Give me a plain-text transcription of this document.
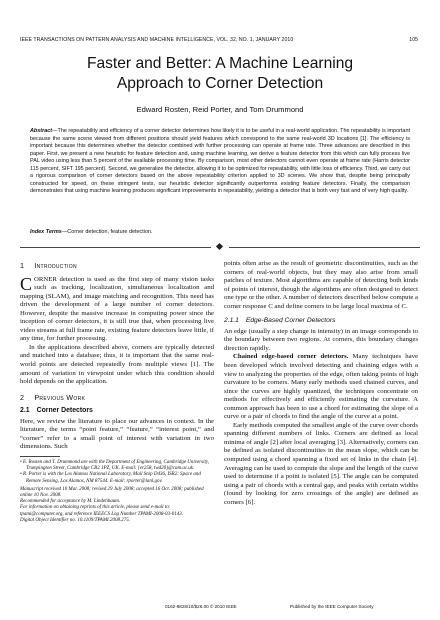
IEEE TRANSACTIONS ON PATTERN ANALYSIS AND MACHINE INTELLIGENCE, VOL. 32, NO. 1, JANUARY 2010	105
Faster and Better: A Machine Learning
Approach to Corner Detection
Edward Rosten, Reid Porter, and Tom Drummond
Abstract—The repeatability and efficiency of a corner detector determines how likely it is to be useful in a real-world application. The repeatability is important because the same scene viewed from different positions should yield features which correspond to the same real-world 3D locations [1]. The efficiency is important because this determines whether the detector combined with further processing can operate at frame rate. Three advances are described in this paper. First, we present a new heuristic for feature detection and, using machine learning, we derive a feature detector from this which can fully process live PAL video using less than 5 percent of the available processing time. By comparison, most other detectors cannot even operate at frame rate (Harris detector 115 percent, SIFT 195 percent). Second, we generalize the detector, allowing it to be optimized for repeatability, with little loss of efficiency. Third, we carry out a rigorous comparison of corner detectors based on the above repeatability criterion applied to 3D scenes. We show that, despite being principally constructed for speed, on these stringent tests, our heuristic detector significantly outperforms existing feature detectors. Finally, the comparison demonstrates that using machine learning produces significant improvements in repeatability, yielding a detector that is both very fast and of very high quality.
Index Terms—Corner detection, feature detection.
1 Introduction

CORNER detection is used as the first step of many vision tasks such as tracking, localization, simultaneous localization and mapping (SLAM), and image matching and recognition. This need has driven the development of a large number of corner detectors. However, despite the massive increase in computing power since the inception of corner detectors, it is still true that, when processing live video streams at full frame rate, existing feature detectors leave little, if any time, for further processing.

In the applications described above, corners are typically detected and matched into a database; thus, it is important that the same real-world points are detected repeatedly from multiple views [1]. The amount of variation in viewpoint under which this condition should hold depends on the application.

2 Previous Work
2.1 Corner Detectors

Here, we review the literature to place our advances in context. In the literature, the terms “point feature,” “feature,” “interest point,” and “corner” refer to a small point of interest with variation in two dimensions. Such

• E. Rosten and T. Drummond are with the Department of Engineering, Cambridge University, Trumpington Street, Cambridge CB2 1PZ, UK. E-mail: {er258, twd20}@cam.ac.uk.
• R. Porter is with the Los Alamos National Laboratory, Mail Stop D436, ISR2: Space and Remote Sensing, Los Alamos, NM 87544. E-mail: rporter@lanl.gov.
Manuscript received 10 Mar. 2008; revised 29 July 2008; accepted 16 Oct. 2008; published online 10 Nov. 2008.
Recommended for acceptance by M. Lindenbaum.
For information on obtaining reprints of this article, please send e-mail to: tpami@computer.org, and reference IEEECS Log Number TPAMI-2008-03-0143.
Digital Object Identifier no. 10.1109/TPAMI.2008.275.

points often arise as the result of geometric discontinuities, such as the corners of real-world objects, but they may also arise from small patches of texture. Most algorithms are capable of detecting both kinds of points of interest, though the algorithms are often designed to detect one type or the other. A number of detectors described below compute a corner response C and define corners to be large local maxima of C.

2.1.1 Edge-Based Corner Detectors

An edge (usually a step change in intensity) in an image corresponds to the boundary between two regions. At corners, this boundary changes direction rapidly.

Chained edge-based corner detectors. Many techniques have been developed which involved detecting and chaining edges with a view to analyzing the properties of the edge, often taking points of high curvature to be corners. Many early methods used chained curves, and since the curves are highly quantized, the techniques concentrate on methods for effectively and efficiently estimating the curvature. A common approach has been to use a chord for estimating the slope of a curve or a pair of chords to find the angle of the curve at a point.

Early methods computed the smallest angle of the curve over chords spanning different numbers of links. Corners are defined as local minima of angle [2] after local averaging [3]. Alternatively, corners can be defined as isolated discontinuities in the mean slope, which can be computed using a chord spanning a fixed set of links in the chain [4]. Averaging can be used to compute the slope and the length of the curve used to determine if a point is isolated [5]. The angle can be computed using a pair of chords with a central gap, and peaks with certain widths (found by looking for zero crossings of the angle) are defined as corners [6].

0162-8828/10/$26.00 © 2010 IEEE	Published by the IEEE Computer Society
